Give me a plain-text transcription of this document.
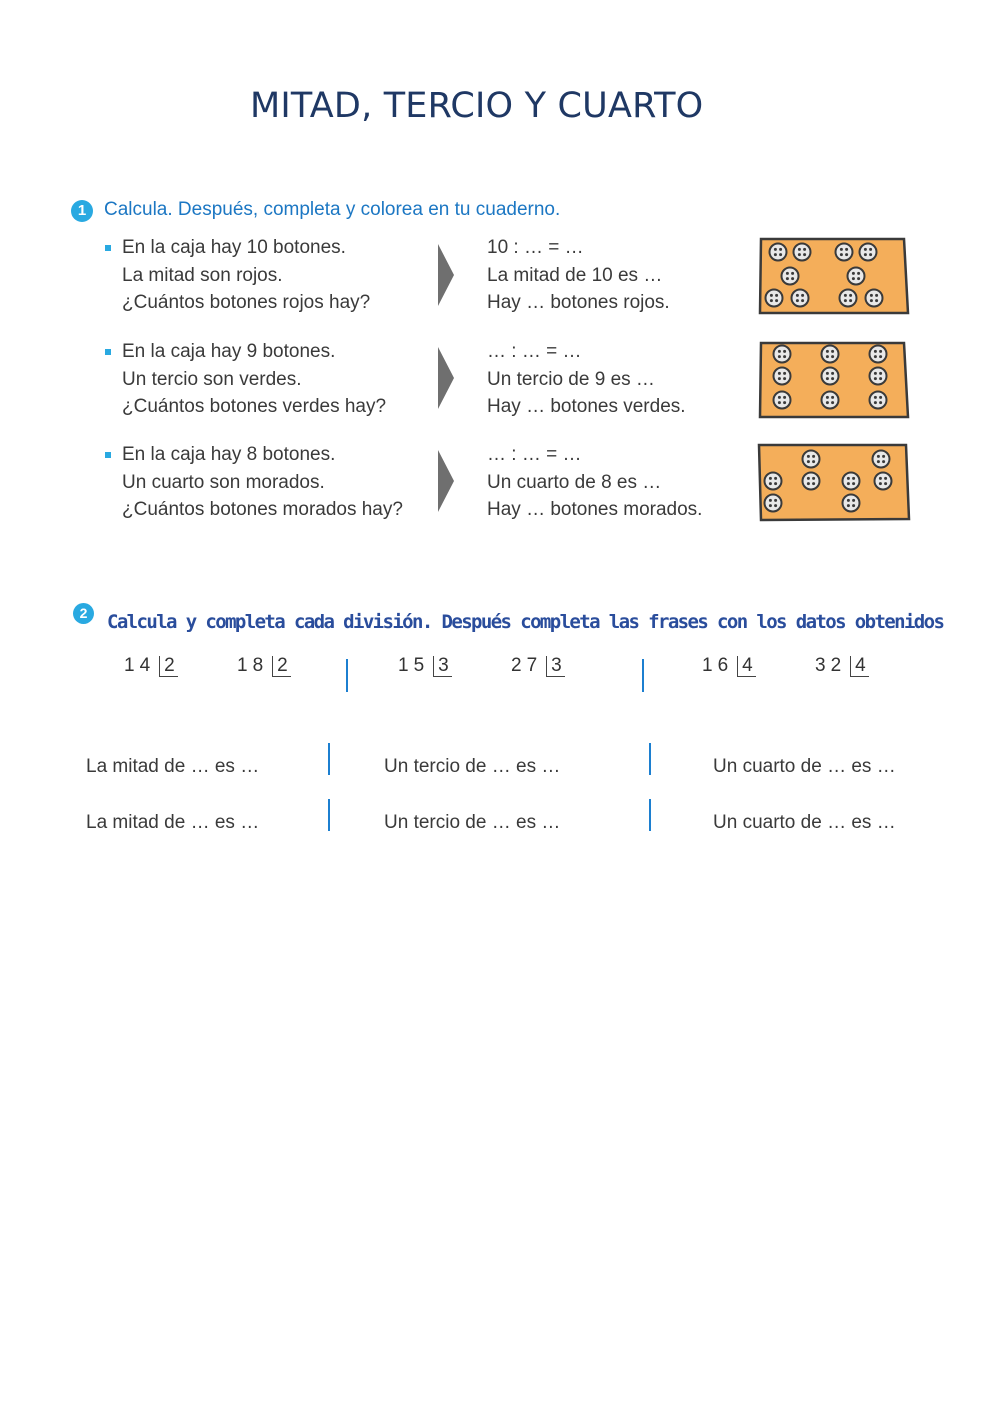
MITAD, TERCIO Y CUARTO
1 Calcula. Después, completa y colorea en tu cuaderno.
En la caja hay 10 botones.
La mitad son rojos.
¿Cuántos botones rojos hay?
10 : … = …
La mitad de 10 es …
Hay … botones rojos.
En la caja hay 9 botones.
Un tercio son verdes.
¿Cuántos botones verdes hay?
… : … = …
Un tercio de 9 es …
Hay … botones verdes.
En la caja hay 8 botones.
Un cuarto son morados.
¿Cuántos botones morados hay?
… : … = …
Un cuarto de 8 es …
Hay … botones morados.
2	Calcula y completa cada división. Después completa las frases con los datos obtenidos
14 2	18 2	15 3	27 3	16 4	32 4
La mitad de … es …	Un tercio de … es …	Un cuarto de … es …
La mitad de … es …	Un tercio de … es …	Un cuarto de … es …
